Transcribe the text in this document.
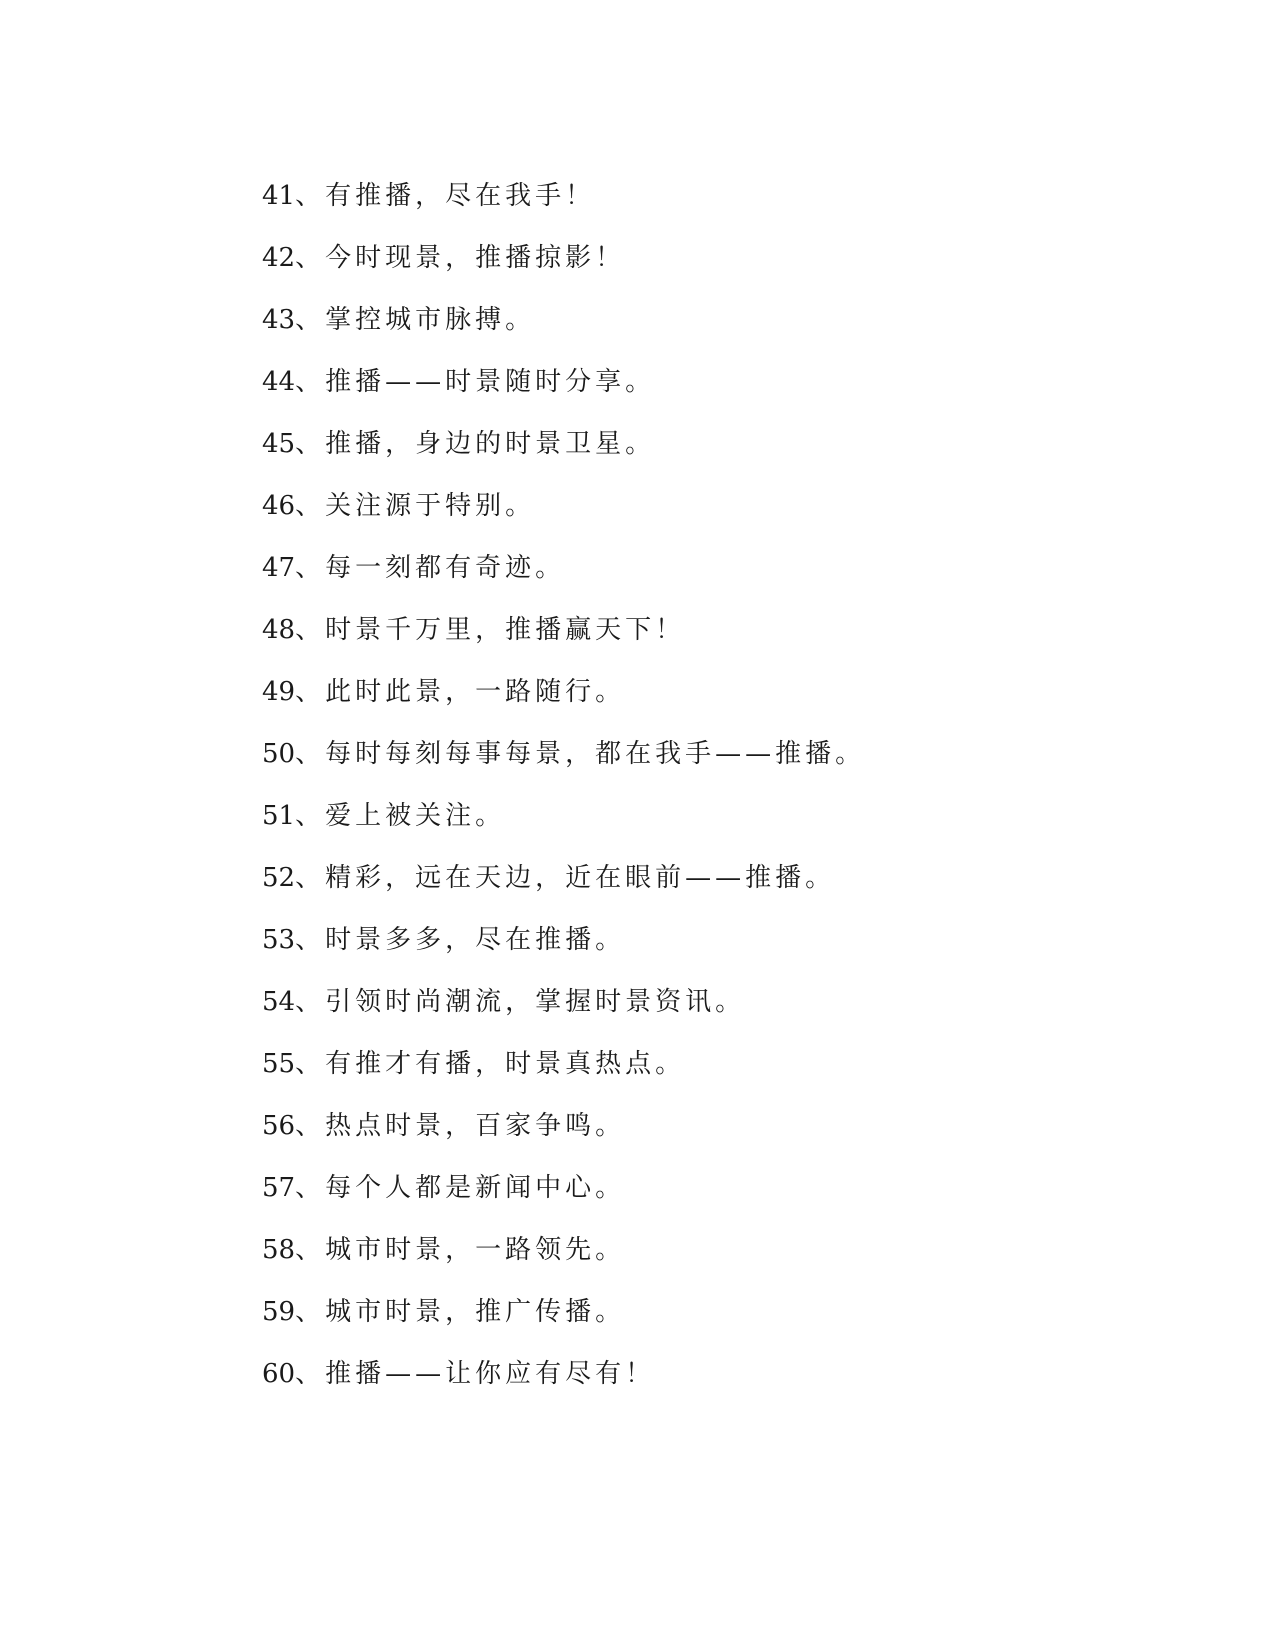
41、有推播，尽在我手！
42、今时现景，推播掠影！
43、掌控城市脉搏。
44、推播——时景随时分享。
45、推播，身边的时景卫星。
46、关注源于特别。
47、每一刻都有奇迹。
48、时景千万里，推播赢天下！
49、此时此景，一路随行。
50、每时每刻每事每景，都在我手——推播。
51、爱上被关注。
52、精彩，远在天边，近在眼前——推播。
53、时景多多，尽在推播。
54、引领时尚潮流，掌握时景资讯。
55、有推才有播，时景真热点。
56、热点时景，百家争鸣。
57、每个人都是新闻中心。
58、城市时景，一路领先。
59、城市时景，推广传播。
60、推播——让你应有尽有！
